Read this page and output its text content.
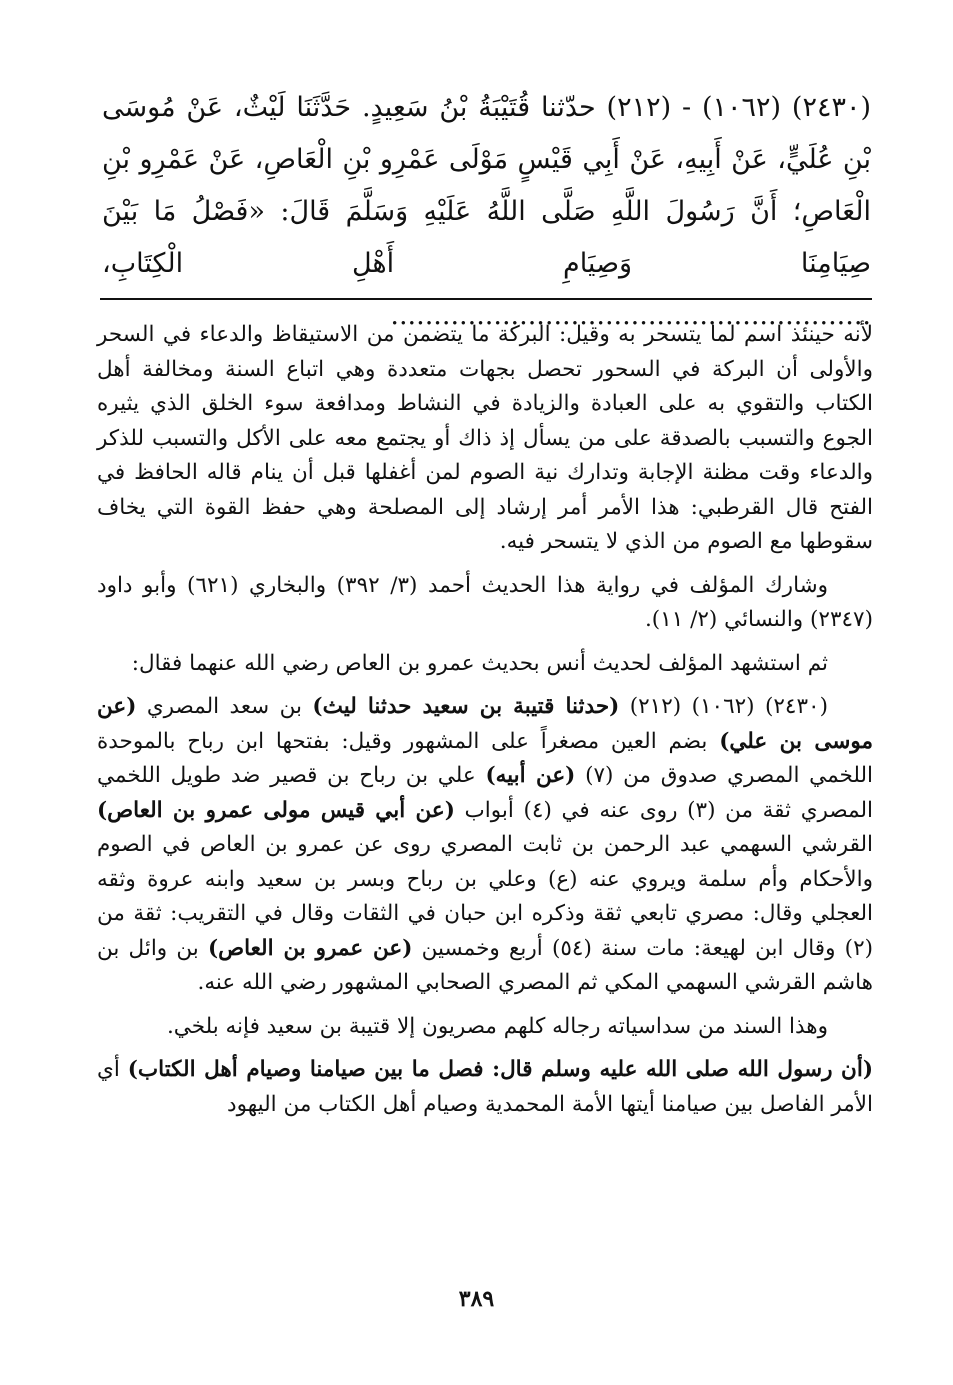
(٢٤٣٠) (١٠٦٢) - (٢١٢) حدّثنا قُتَيْبَةُ بْنُ سَعِيدٍ. حَدَّثَنَا لَيْثٌ، عَنْ مُوسَى بْنِ عُلَيٍّ، عَنْ أَبِيهِ، عَنْ أَبِي قَيْسٍ مَوْلَى عَمْرِو بْنِ الْعَاصِ، عَنْ عَمْرِو بْنِ الْعَاصِ؛ أَنَّ رَسُولَ اللَّهِ صَلَّى اللَّهُ عَلَيْهِ وَسَلَّمَ قَالَ: «فَصْلُ مَا بَيْنَ صِيَامِنَا وَصِيَامِ أَهْلِ الْكِتَابِ، ........................................................

لأنه حينئذ اسم لما يتسحر به وقيل: البركة ما يتضمن من الاستيقاظ والدعاء في السحر والأولى أن البركة في السحور تحصل بجهات متعددة وهي اتباع السنة ومخالفة أهل الكتاب والتقوي به على العبادة والزيادة في النشاط ومدافعة سوء الخلق الذي يثيره الجوع والتسبب بالصدقة على من يسأل إذ ذاك أو يجتمع معه على الأكل والتسبب للذكر والدعاء وقت مظنة الإجابة وتدارك نية الصوم لمن أغفلها قبل أن ينام قاله الحافظ في الفتح قال القرطبي: هذا الأمر أمر إرشاد إلى المصلحة وهي حفظ القوة التي يخاف سقوطها مع الصوم من الذي لا يتسحر فيه.

وشارك المؤلف في رواية هذا الحديث أحمد (٣/ ٣٩٢) والبخاري (٦٢١) وأبو داود (٢٣٤٧) والنسائي (٢/ ١١).

ثم استشهد المؤلف لحديث أنس بحديث عمرو بن العاص رضي الله عنهما فقال:

(٢٤٣٠) (١٠٦٢) (٢١٢) (حدثنا قتيبة بن سعيد حدثنا ليث) بن سعد المصري (عن موسى بن علي) بضم العين مصغراً على المشهور وقيل: بفتحها ابن رباح بالموحدة اللخمي المصري صدوق من (٧) (عن أبيه) علي بن رباح بن قصير ضد طويل اللخمي المصري ثقة من (٣) روى عنه في (٤) أبواب (عن أبي قيس مولى عمرو بن العاص) القرشي السهمي عبد الرحمن بن ثابت المصري روى عن عمرو بن العاص في الصوم والأحكام وأم سلمة ويروي عنه (ع) وعلي بن رباح وبسر بن سعيد وابنه عروة وثقه العجلي وقال: مصري تابعي ثقة وذكره ابن حبان في الثقات وقال في التقريب: ثقة من (٢) وقال ابن لهيعة: مات سنة (٥٤) أربع وخمسين (عن عمرو بن العاص) بن وائل بن هاشم القرشي السهمي المكي ثم المصري الصحابي المشهور رضي الله عنه.

وهذا السند من سداسياته رجاله كلهم مصريون إلا قتيبة بن سعيد فإنه بلخي.

(أن رسول الله صلى الله عليه وسلم قال: فصل ما بين صيامنا وصيام أهل الكتاب) أي الأمر الفاصل بين صيامنا أيتها الأمة المحمدية وصيام أهل الكتاب من اليهود

٣٨٩
